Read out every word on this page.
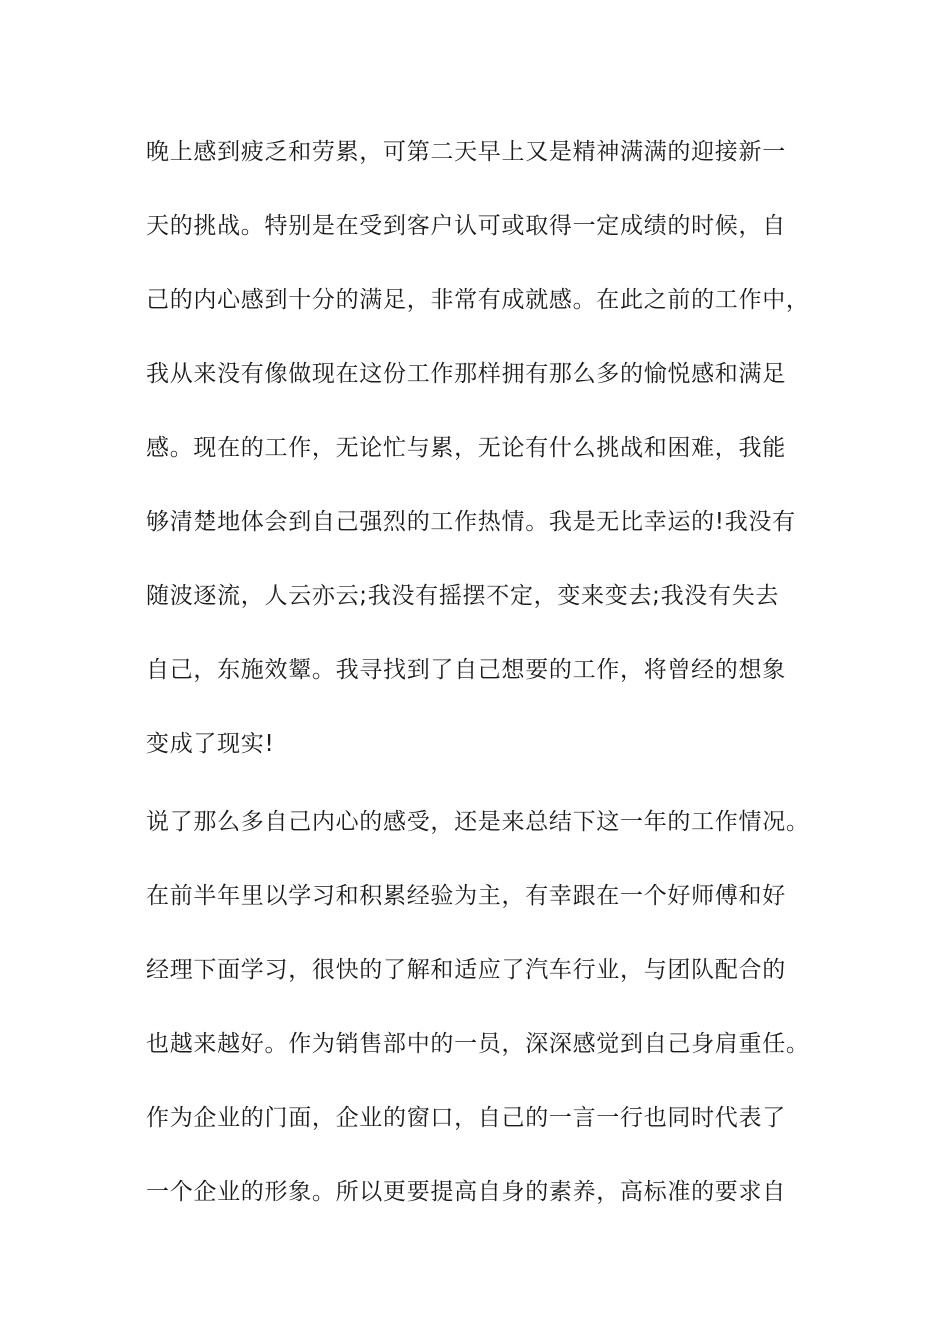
晚上感到疲乏和劳累，可第二天早上又是精神满满的迎接新一
天的挑战。特别是在受到客户认可或取得一定成绩的时候，自
己的内心感到十分的满足，非常有成就感。在此之前的工作中，
我从来没有像做现在这份工作那样拥有那么多的愉悦感和满足
感。现在的工作，无论忙与累，无论有什么挑战和困难，我能
够清楚地体会到自己强烈的工作热情。我是无比幸运的!我没有
随波逐流，人云亦云;我没有摇摆不定，变来变去;我没有失去
自己，东施效颦。我寻找到了自己想要的工作，将曾经的想象
变成了现实!
说了那么多自己内心的感受，还是来总结下这一年的工作情况。
在前半年里以学习和积累经验为主，有幸跟在一个好师傅和好
经理下面学习，很快的了解和适应了汽车行业，与团队配合的
也越来越好。作为销售部中的一员，深深感觉到自己身肩重任。
作为企业的门面，企业的窗口，自己的一言一行也同时代表了
一个企业的形象。所以更要提高自身的素养，高标准的要求自
